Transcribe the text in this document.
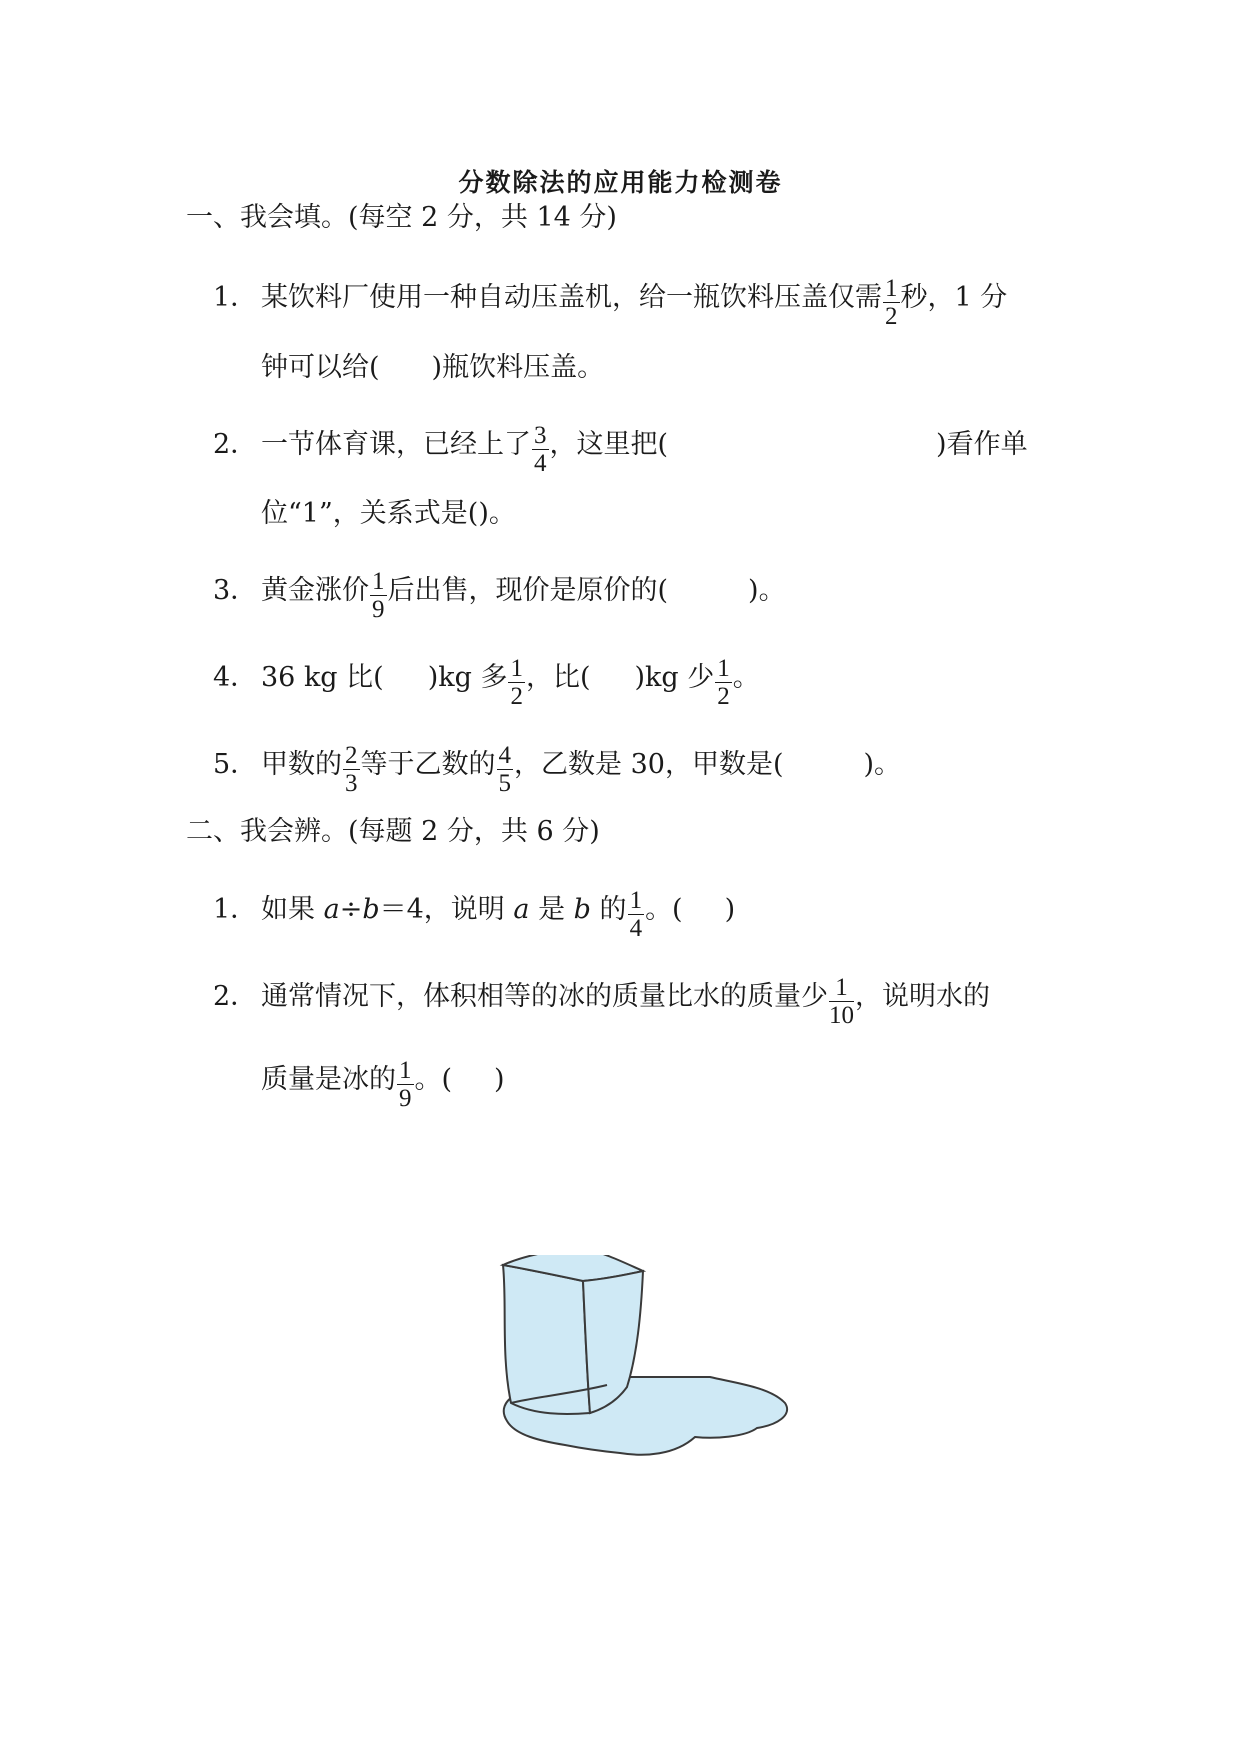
分数除法的应用能力检测卷
一、我会填。(每空 2 分，共 14 分)
1． 某饮料厂使用一种自动压盖机，给一瓶饮料压盖仅需 $\frac{1}{2}$ 秒，1 分
钟可以给( )瓶饮料压盖。
2． 一节体育课，已经上了 $\frac{3}{4}$ ，这里把(	)看作单
位“1”，关系式是()。
3． 黄金涨价 $\frac{1}{9}$ 后出售，现价是原价的(	)。
4． 36 kg 比( )kg 多 $\frac{1}{2}$ ，比( )kg 少 $\frac{1}{2}$ 。
5． 甲数的 $\frac{2}{3}$ 等于乙数的 $\frac{4}{5}$ ，乙数是 30，甲数是(	)。
二、我会辨。(每题 2 分，共 6 分)
1． 如果 a÷b＝4，说明 a 是 b 的 $\frac{1}{4}$ 。( )
2． 通常情况下，体积相等的冰的质量比水的质量少 $\frac{1}{10}$ ，说明水的
质量是冰的 $\frac{1}{9}$ 。( )
